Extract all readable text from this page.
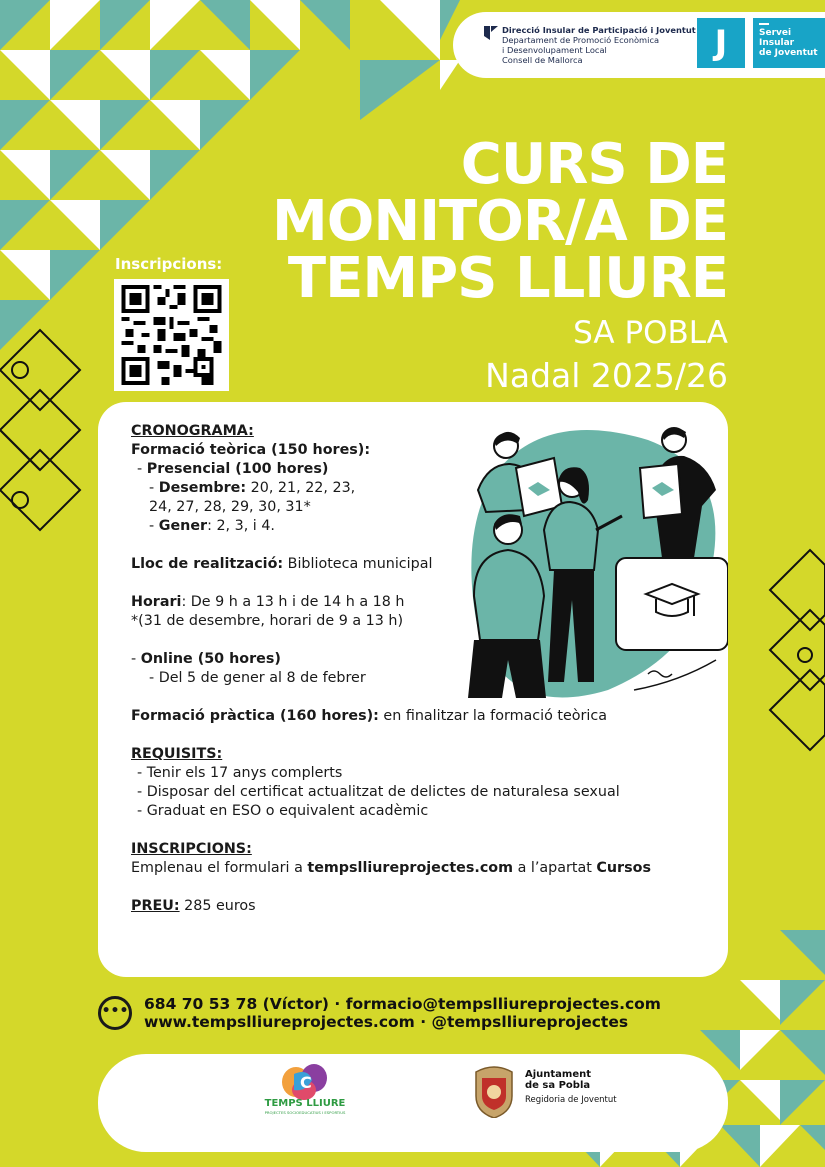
Direcció Insular de Participació i Joventut
Departament de Promoció Econòmica
i Desenvolupament Local
Consell de Mallorca	J	Servei
Insular
de Joventut
CURS DE
MONITOR/A DE
TEMPS LLIURE
SA POBLA
Nadal 2025/26
Inscripcions:
CRONOGRAMA:
Formació teòrica (150 hores):
- Presencial (100 hores)
- Desembre: 20, 21, 22, 23,
24, 27, 28, 29, 30, 31*
- Gener: 2, 3, i 4.
Lloc de realització: Biblioteca municipal
Horari: De 9 h a 13 h i de 14 h a 18 h
*(31 de desembre, horari de 9 a 13 h)
- Online (50 hores)
- Del 5 de gener al 8 de febrer
Formació pràctica (160 hores): en finalitzar la formació teòrica
REQUISITS:
- Tenir els 17 anys complerts
- Disposar del certificat actualitzat de delictes de naturalesa sexual
- Graduat en ESO o equivalent acadèmic
INSCRIPCIONS:
Emplenau el formulari a tempslliureprojectes.com a l’apartat Cursos
PREU: 285 euros
••• 684 70 53 78 (Víctor) · formacio@tempslliureprojectes.com
www.tempslliureprojectes.com · @tempslliureprojectes
C
TEMPS LLIURE
PROJECTES SOCIOEDUCATIUS I ESPORTIUS
Ajuntament
de sa Pobla
Regidoria de Joventut
